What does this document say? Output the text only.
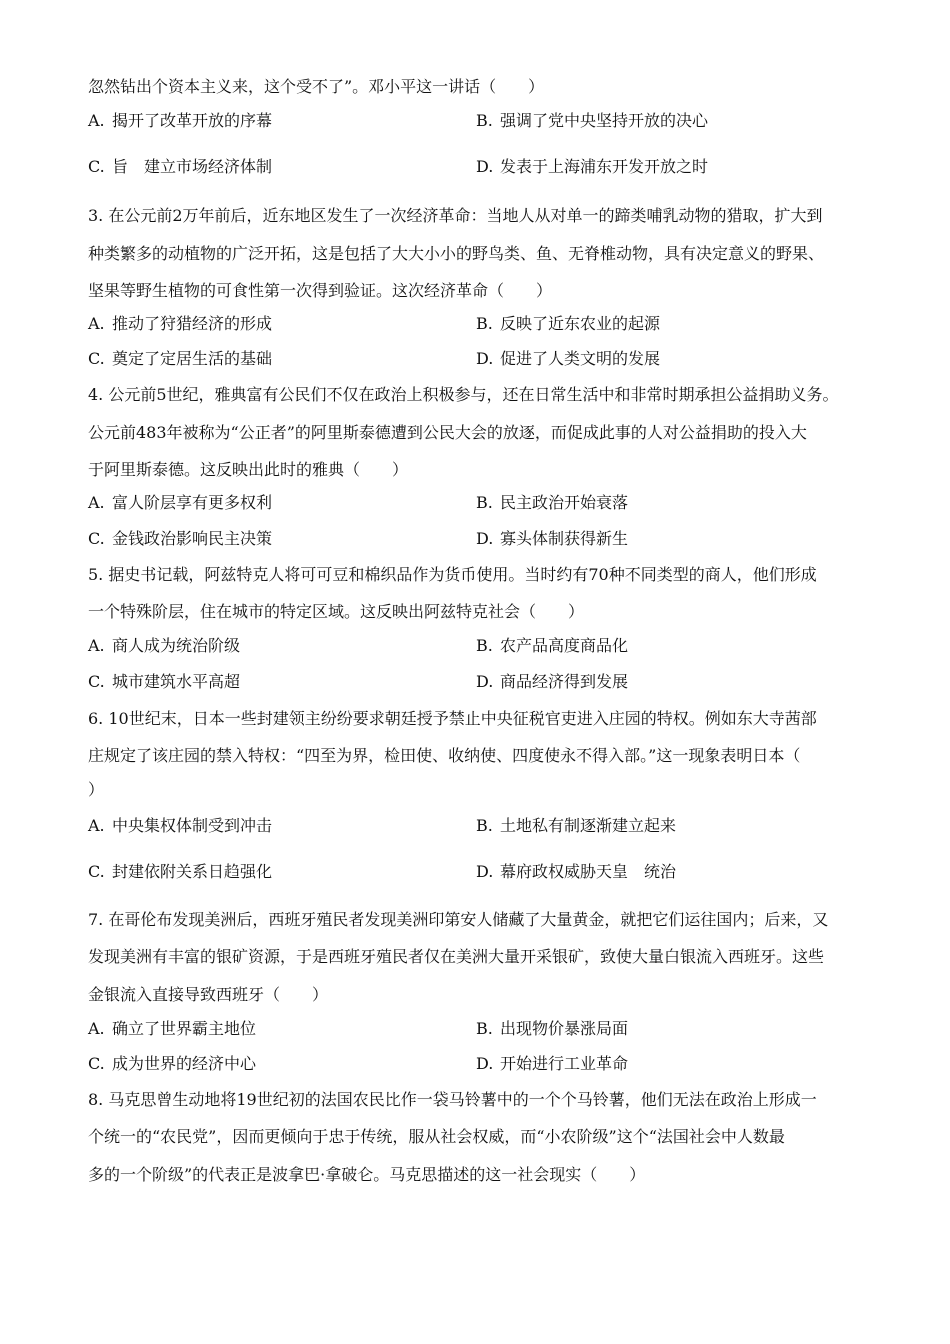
忽然钻出个资本主义来，这个受不了”。邓小平这一讲话（　　）
A. 揭开了改革开放的序幕	B. 强调了党中央坚持开放的决心
C. 旨　建立市场经济体制	D. 发表于上海浦东开发开放之时
3. 在公元前2万年前后，近东地区发生了一次经济革命：当地人从对单一的蹄类哺乳动物的猎取，扩大到
种类繁多的动植物的广泛开拓，这是包括了大大小小的野鸟类、鱼、无脊椎动物，具有决定意义的野果、
坚果等野生植物的可食性第一次得到验证。这次经济革命（　　）
A. 推动了狩猎经济的形成	B. 反映了近东农业的起源
C. 奠定了定居生活的基础	D. 促进了人类文明的发展
4. 公元前5世纪，雅典富有公民们不仅在政治上积极参与，还在日常生活中和非常时期承担公益捐助义务。
公元前483年被称为“公正者”的阿里斯泰德遭到公民大会的放逐，而促成此事的人对公益捐助的投入大
于阿里斯泰德。这反映出此时的雅典（　　）
A. 富人阶层享有更多权利	B. 民主政治开始衰落
C. 金钱政治影响民主决策	D. 寡头体制获得新生
5. 据史书记载，阿兹特克人将可可豆和棉织品作为货币使用。当时约有70种不同类型的商人，他们形成
一个特殊阶层，住在城市的特定区域。这反映出阿兹特克社会（　　）
A. 商人成为统治阶级	B. 农产品高度商品化
C. 城市建筑水平高超	D. 商品经济得到发展
6. 10世纪末，日本一些封建领主纷纷要求朝廷授予禁止中央征税官吏进入庄园的特权。例如东大寺茜部
庄规定了该庄园的禁入特权：“四至为界，检田使、收纳使、四度使永不得入部。”这一现象表明日本（
）
A. 中央集权体制受到冲击	B. 土地私有制逐渐建立起来
C. 封建依附关系日趋强化	D. 幕府政权威胁天皇　统治
7. 在哥伦布发现美洲后，西班牙殖民者发现美洲印第安人储藏了大量黄金，就把它们运往国内；后来，又
发现美洲有丰富的银矿资源，于是西班牙殖民者仅在美洲大量开采银矿，致使大量白银流入西班牙。这些
金银流入直接导致西班牙（　　）
A. 确立了世界霸主地位	B. 出现物价暴涨局面
C. 成为世界的经济中心	D. 开始进行工业革命
8. 马克思曾生动地将19世纪初的法国农民比作一袋马铃薯中的一个个马铃薯，他们无法在政治上形成一
个统一的“农民党”，因而更倾向于忠于传统，服从社会权威，而“小农阶级”这个“法国社会中人数最
多的一个阶级”的代表正是波拿巴·拿破仑。马克思描述的这一社会现实（　　）
